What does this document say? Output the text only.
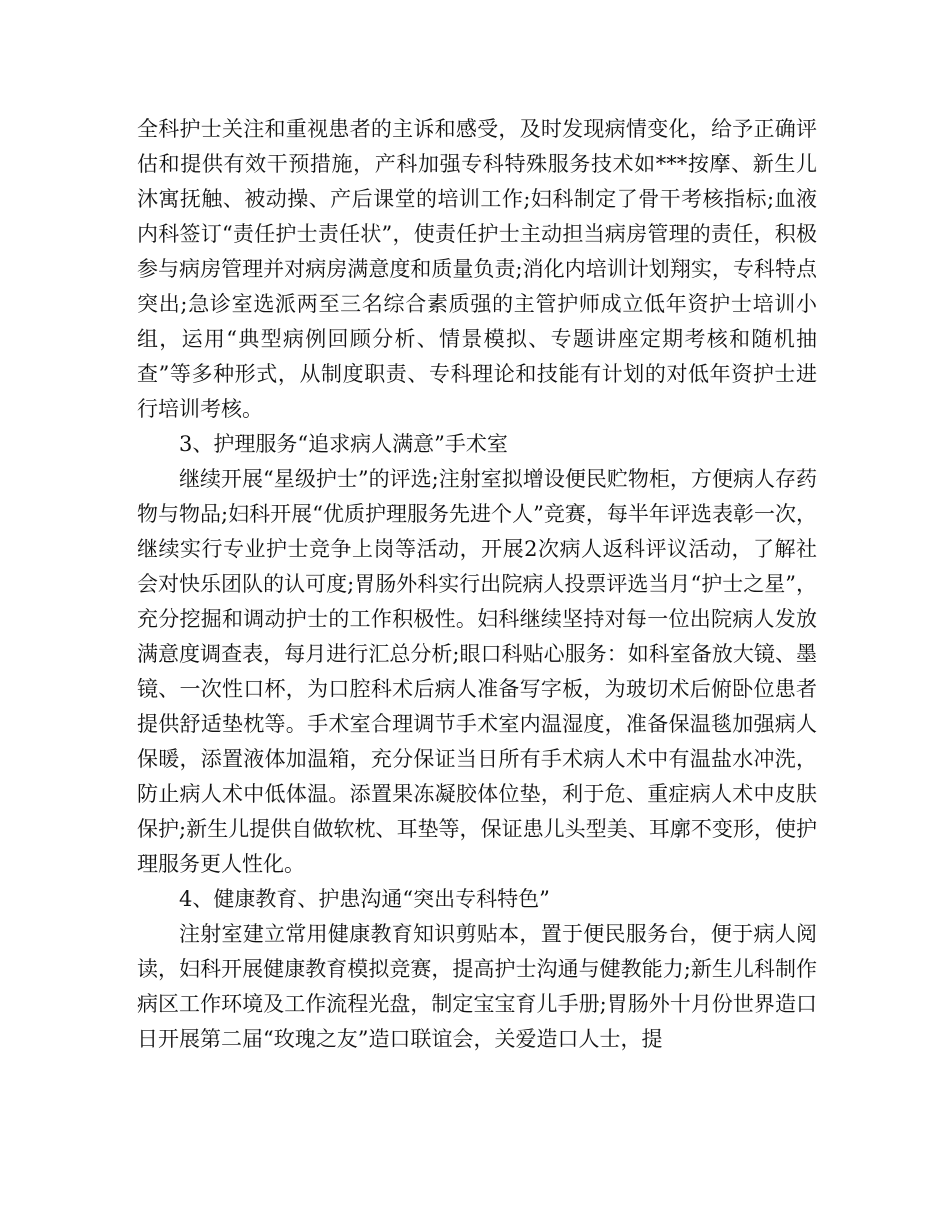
全科护士关注和重视患者的主诉和感受，及时发现病情变化，给予正确评估和提供有效干预措施，产科加强专科特殊服务技术如***按摩、新生儿沐寓抚触、被动操、产后课堂的培训工作;妇科制定了骨干考核指标;血液内科签订“责任护士责任状”，使责任护士主动担当病房管理的责任，积极参与病房管理并对病房满意度和质量负责;消化内培训计划翔实，专科特点突出;急诊室选派两至三名综合素质强的主管护师成立低年资护士培训小组，运用“典型病例回顾分析、情景模拟、专题讲座定期考核和随机抽查”等多种形式，从制度职责、专科理论和技能有计划的对低年资护士进行培训考核。

3、护理服务“追求病人满意”手术室

继续开展“星级护士”的评选;注射室拟增设便民贮物柜，方便病人存药物与物品;妇科开展“优质护理服务先进个人”竞赛，每半年评选表彰一次，继续实行专业护士竞争上岗等活动，开展2次病人返科评议活动，了解社会对快乐团队的认可度;胃肠外科实行出院病人投票评选当月“护士之星”，充分挖掘和调动护士的工作积极性。妇科继续坚持对每一位出院病人发放满意度调查表，每月进行汇总分析;眼口科贴心服务：如科室备放大镜、墨镜、一次性口杯，为口腔科术后病人准备写字板，为玻切术后俯卧位患者提供舒适垫枕等。手术室合理调节手术室内温湿度，准备保温毯加强病人保暖，添置液体加温箱，充分保证当日所有手术病人术中有温盐水冲洗，防止病人术中低体温。添置果冻凝胶体位垫，利于危、重症病人术中皮肤保护;新生儿提供自做软枕、耳垫等，保证患儿头型美、耳廓不变形，使护理服务更人性化。

4、健康教育、护患沟通“突出专科特色”

注射室建立常用健康教育知识剪贴本，置于便民服务台，便于病人阅读，妇科开展健康教育模拟竞赛，提高护士沟通与健教能力;新生儿科制作病区工作环境及工作流程光盘，制定宝宝育儿手册;胃肠外十月份世界造口日开展第二届“玫瑰之友”造口联谊会，关爱造口人士，提
